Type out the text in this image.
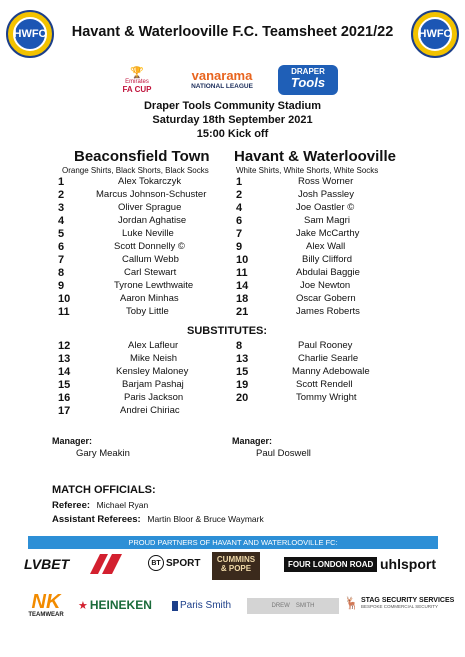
HWFC	HWFC
Havant & Waterlooville F.C. Teamsheet 2021/22
🏆
Emirates
FA CUP
vanarama
NATIONAL LEAGUE
DRAPER
Tools
Draper Tools Community Stadium
Saturday 18th September 2021
15:00 Kick off
Beaconsfield Town
Orange Shirts, Black Shorts, Black Socks
Havant & Waterlooville
White Shirts, White Shorts, White Socks
1	Alex Tokarczyk
2	Marcus Johnson-Schuster
3	Oliver Sprague
4	Jordan Aghatise
5	Luke Neville
6	Scott Donnelly ©
7	Callum Webb
8	Carl Stewart
9	Tyrone Lewthwaite
10	Aaron Minhas
11	Toby Little
1	Ross Worner
2	Josh Passley
4	Joe Oastler ©
6	Sam Magri
7	Jake McCarthy
9	Alex Wall
10	Billy Clifford
11	Abdulai Baggie
14	Joe Newton
18	Oscar Gobern
21	James Roberts
SUBSTITUTES:
12	Alex Lafleur
13	Mike Neish
14	Kensley Maloney
15	Barjam Pashaj
16	Paris Jackson
17	Andrei Chiriac
8	Paul Rooney
13	Charlie Searle
15	Manny Adebowale
19	Scott Rendell
20	Tommy Wright
Manager:
Gary Meakin
Manager:
Paul Doswell
MATCH OFFICIALS:
Referee: Michael Ryan
Assistant Referees: Martin Bloor & Bruce Waymark
PROUD PARTNERS OF HAVANT AND WATERLOOVILLE FC:
LVBET	BT SPORT	CUMMINS
& POPE	FOUR LONDON ROAD uhlsport
NK
TEAMWEAR
★ HEINEKEN	Paris Smith	DREW SMITH 🦌 STAG SECURITY SERVICES
BESPOKE COMMERCIAL SECURITY
